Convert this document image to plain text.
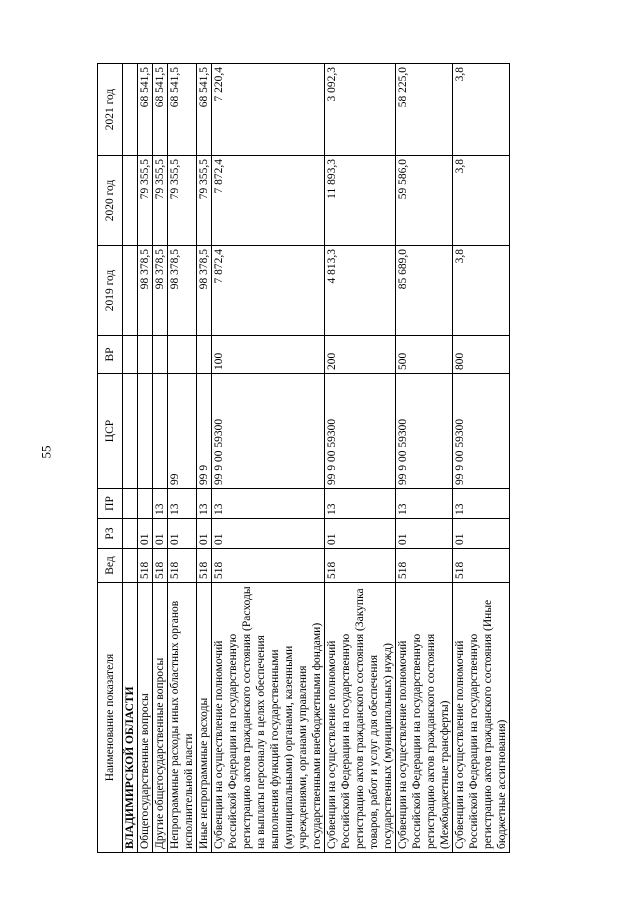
55
Наименование показателя	Вед	РЗ	ПР	ЦСР	ВР	2019 год	2020 год	2021 год
ВЛАДИМИРСКОЙ ОБЛАСТИ								
Общегосударственные вопросы	518	01				98 378,5	79 355,5	68 541,5
Другие общегосударственные вопросы	518	01	13			98 378,5	79 355,5	68 541,5
Непрограммные расходы иных областных органов исполнительной власти	518	01	13	99		98 378,5	79 355,5	68 541,5
Иные непрограммные расходы	518	01	13	99 9		98 378,5	79 355,5	68 541,5
Субвенции на осуществление полномочий Российской Федерации на государственную регистрацию актов гражданского состояния (Расходы на выплаты персоналу в целях обеспечения выполнения функций государственными (муниципальными) органами, казенными учреждениями, органами управления государственными внебюджетными фондами)	518	01	13	99 9 00 59300	100	7 872,4	7 872,4	7 220,4
Субвенции на осуществление полномочий Российской Федерации на государственную регистрацию актов гражданского состояния (Закупка товаров, работ и услуг для обеспечения государственных (муниципальных) нужд)	518	01	13	99 9 00 59300	200	4 813,3	11 893,3	3 092,3
Субвенции на осуществление полномочий Российской Федерации на государственную регистрацию актов гражданского состояния (Межбюджетные трансферты)	518	01	13	99 9 00 59300	500	85 689,0	59 586,0	58 225,0
Субвенции на осуществление полномочий Российской Федерации на государственную регистрацию актов гражданского состояния (Иные бюджетные ассигнования)	518	01	13	99 9 00 59300	800	3,8	3,8	3,8
